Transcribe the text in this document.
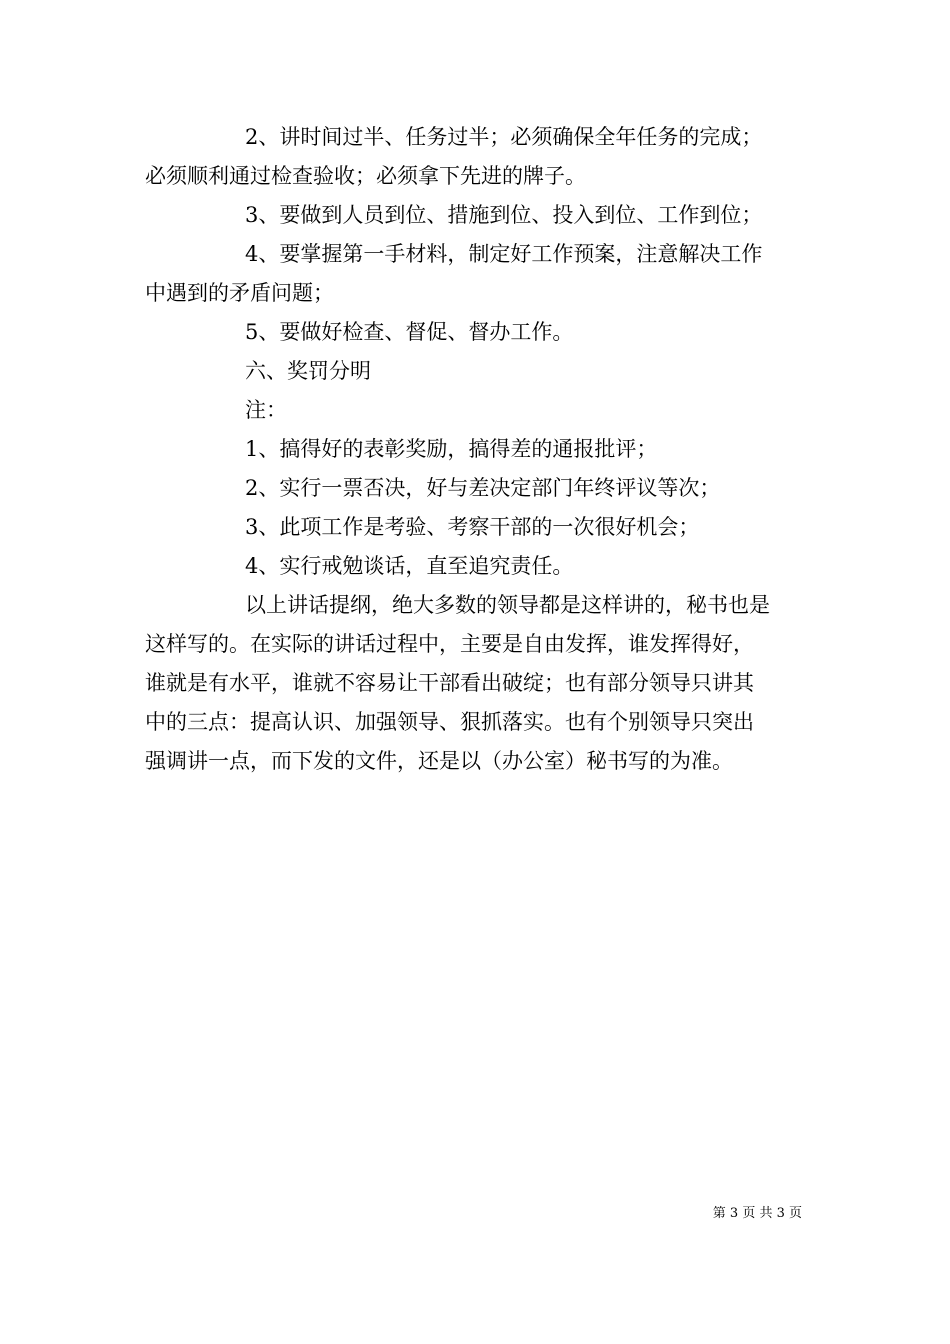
2、讲时间过半、任务过半；必须确保全年任务的完成；
必须顺利通过检查验收；必须拿下先进的牌子。
3、要做到人员到位、措施到位、投入到位、工作到位；
4、要掌握第一手材料，制定好工作预案，注意解决工作
中遇到的矛盾问题；
5、要做好检查、督促、督办工作。
六、奖罚分明
注：
1、搞得好的表彰奖励，搞得差的通报批评；
2、实行一票否决，好与差决定部门年终评议等次；
3、此项工作是考验、考察干部的一次很好机会；
4、实行戒勉谈话，直至追究责任。
以上讲话提纲，绝大多数的领导都是这样讲的，秘书也是
这样写的。在实际的讲话过程中，主要是自由发挥，谁发挥得好，
谁就是有水平，谁就不容易让干部看出破绽；也有部分领导只讲其
中的三点：提高认识、加强领导、狠抓落实。也有个别领导只突出
强调讲一点，而下发的文件，还是以（办公室）秘书写的为准。
第 3 页 共 3 页
